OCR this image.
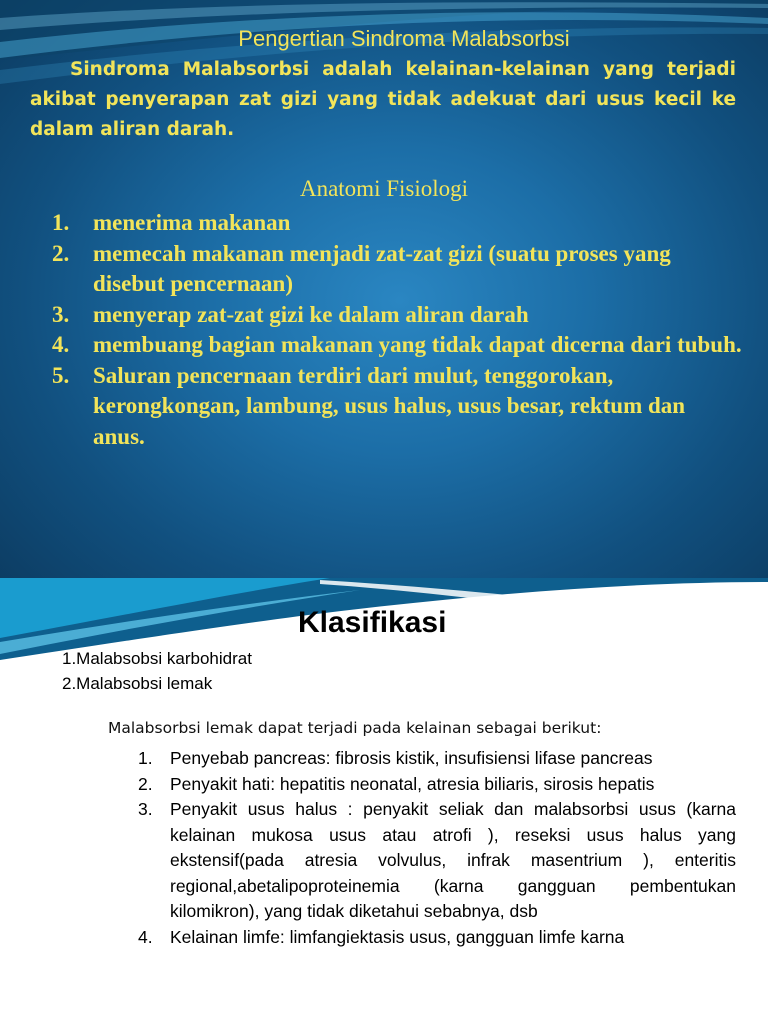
Pengertian Sindroma Malabsorbsi

Sindroma Malabsorbsi adalah kelainan-kelainan yang terjadi akibat penyerapan zat gizi yang tidak adekuat dari usus kecil ke dalam aliran darah.

Anatomi Fisiologi
1.	menerima makanan
2.	memecah makanan menjadi zat-zat gizi (suatu proses yang disebut pencernaan)
3.	menyerap zat-zat gizi ke dalam aliran darah
4.	membuang bagian makanan yang tidak dapat dicerna dari tubuh.
5.	Saluran pencernaan terdiri dari mulut, tenggorokan, kerongkongan, lambung, usus halus, usus besar, rektum dan anus.
Klasifikasi
1.Malabsobsi karbohidrat
2.Malabsobsi lemak
Malabsorbsi lemak dapat terjadi pada kelainan sebagai berikut:
1. Penyebab pancreas: fibrosis kistik, insufisiensi lifase pancreas
2. Penyakit hati: hepatitis neonatal, atresia biliaris, sirosis hepatis
3. Penyakit usus halus : penyakit seliak dan malabsorbsi usus (karna kelainan mukosa usus atau atrofi ), reseksi usus halus yang ekstensif(pada atresia volvulus, infrak masentrium ), enteritis regional,abetalipoproteinemia (karna gangguan pembentukan kilomikron), yang tidak diketahui sebabnya, dsb
4. Kelainan limfe: limfangiektasis usus, gangguan limfe karna
